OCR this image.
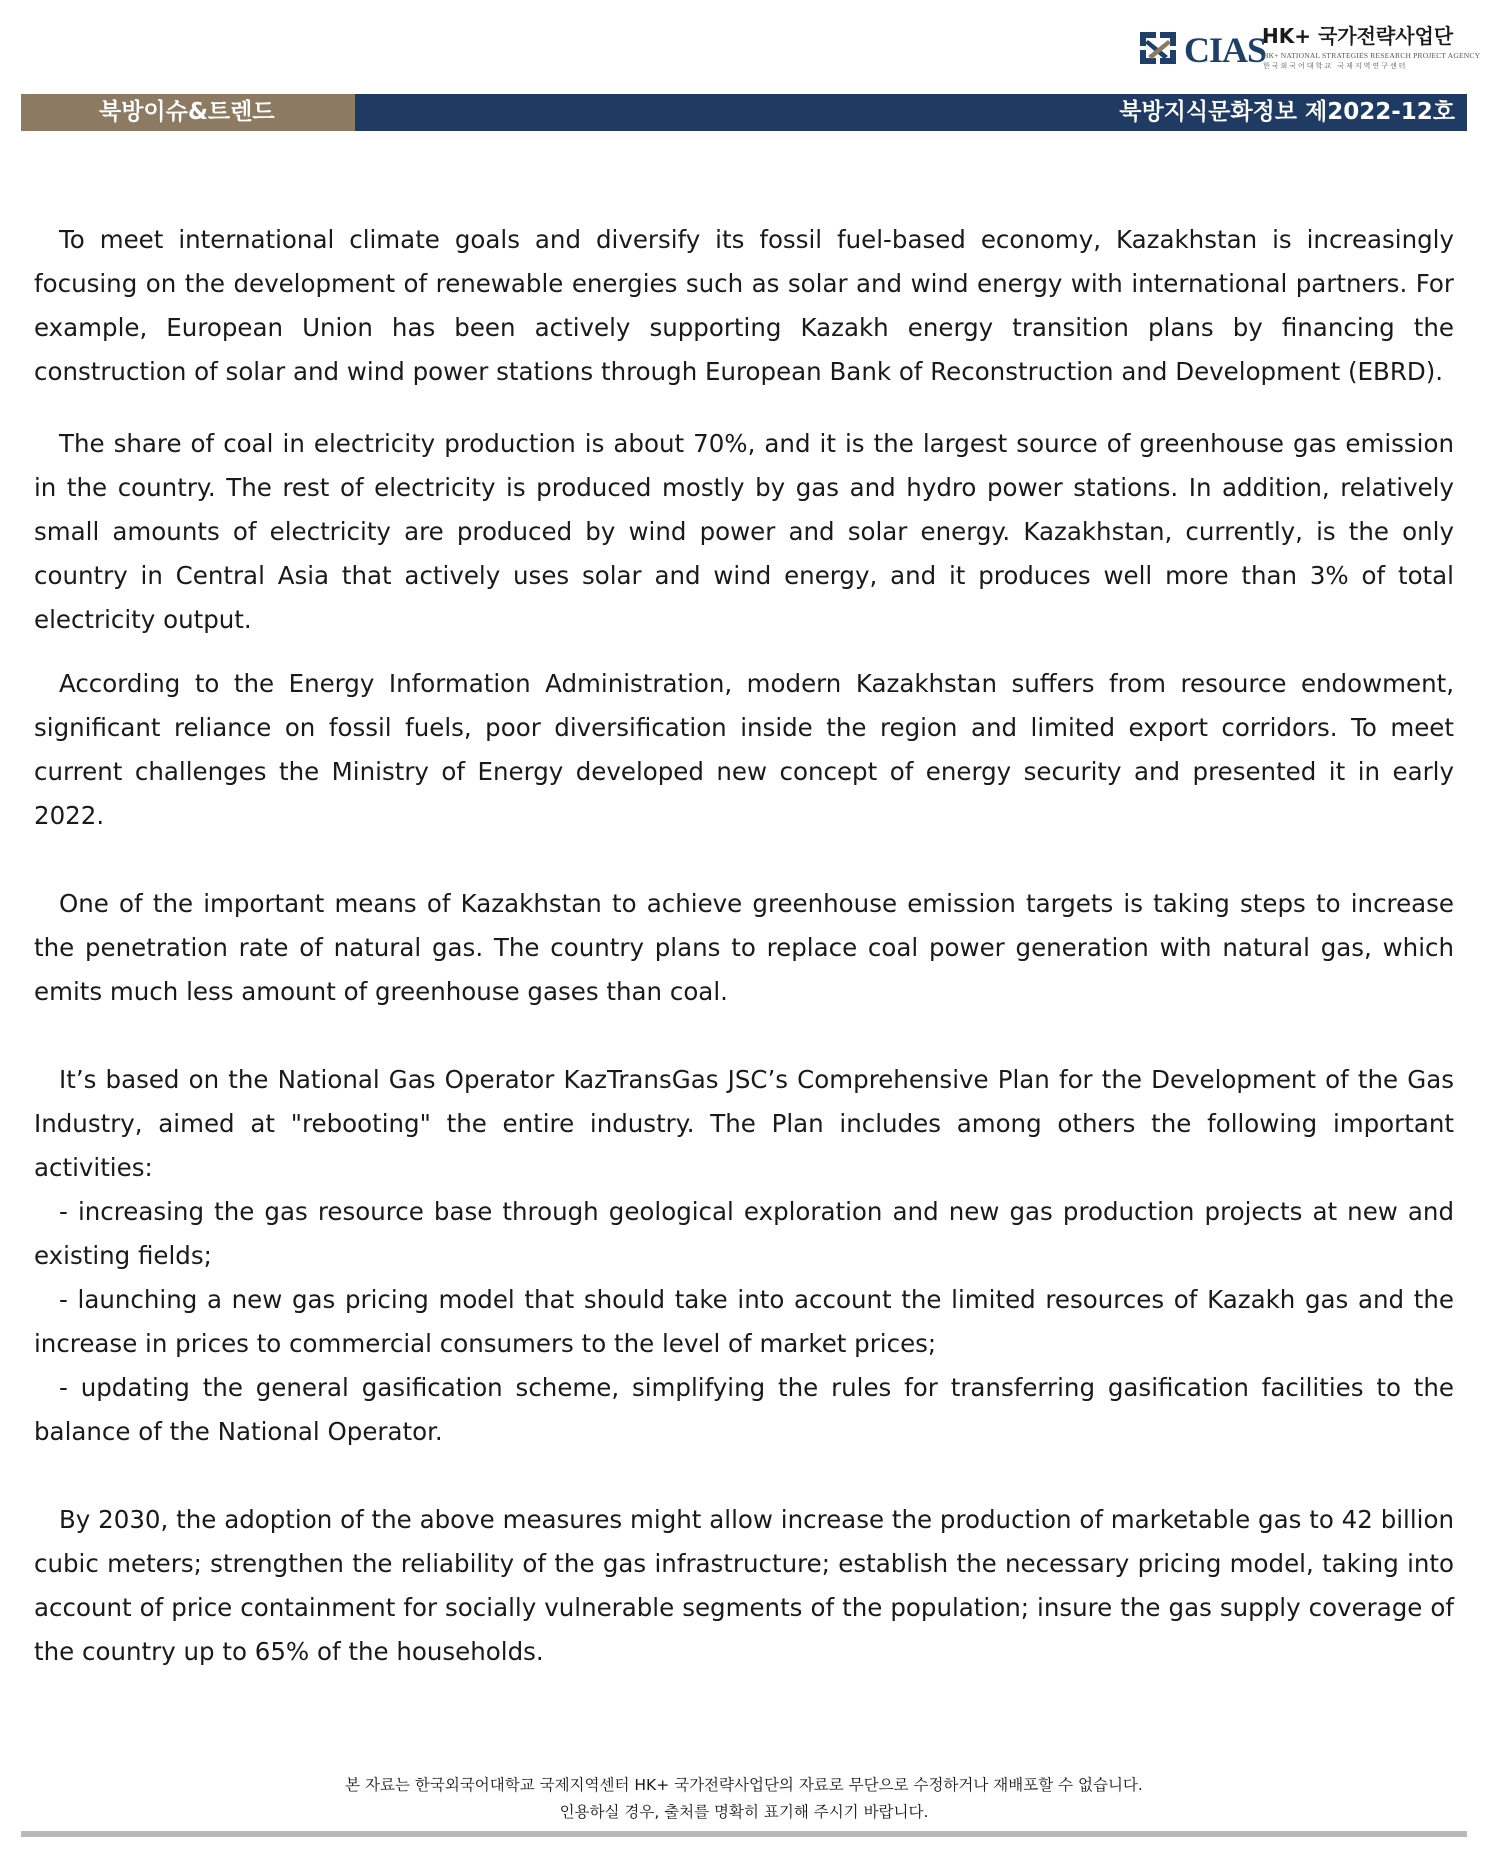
CIAS
HK+ 국가전략사업단
HK+ NATIONAL STRATEGIES RESEARCH PROJECT AGENCY
한국외국어대학교 국제지역연구센터
북방이슈&트렌드	북방지식문화정보 제2022-12호

To meet international climate goals and diversify its fossil fuel-based economy, Kazakhstan is increasingly focusing on the development of renewable energies such as solar and wind energy with international partners. For example, European Union has been actively supporting Kazakh energy transition plans by financing the construction of solar and wind power stations through European Bank of Reconstruction and Development (EBRD).

The share of coal in electricity production is about 70%, and it is the largest source of greenhouse gas emission in the country. The rest of electricity is produced mostly by gas and hydro power stations. In addition, relatively small amounts of electricity are produced by wind power and solar energy. Kazakhstan, currently, is the only country in Central Asia that actively uses solar and wind energy, and it produces well more than 3% of total electricity output.

According to the Energy Information Administration, modern Kazakhstan suffers from resource endowment, significant reliance on fossil fuels, poor diversification inside the region and limited export corridors. To meet current challenges the Ministry of Energy developed new concept of energy security and presented it in early 2022.

One of the important means of Kazakhstan to achieve greenhouse emission targets is taking steps to increase the penetration rate of natural gas. The country plans to replace coal power generation with natural gas, which emits much less amount of greenhouse gases than coal.

It’s based on the National Gas Operator KazTransGas JSC’s Comprehensive Plan for the Development of the Gas Industry, aimed at "rebooting" the entire industry. The Plan includes among others the following important activities:

- increasing the gas resource base through geological exploration and new gas production projects at new and existing fields;

- launching a new gas pricing model that should take into account the limited resources of Kazakh gas and the increase in prices to commercial consumers to the level of market prices;

- updating the general gasification scheme, simplifying the rules for transferring gasification facilities to the balance of the National Operator.

By 2030, the adoption of the above measures might allow increase the production of marketable gas to 42 billion cubic meters; strengthen the reliability of the gas infrastructure; establish the necessary pricing model, taking into account of price containment for socially vulnerable segments of the population; insure the gas supply coverage of the country up to 65% of the households.

본 자료는 한국외국어대학교 국제지역센터 HK+ 국가전략사업단의 자료로 무단으로 수정하거나 재배포할 수 없습니다.
인용하실 경우, 출처를 명확히 표기해 주시기 바랍니다.
